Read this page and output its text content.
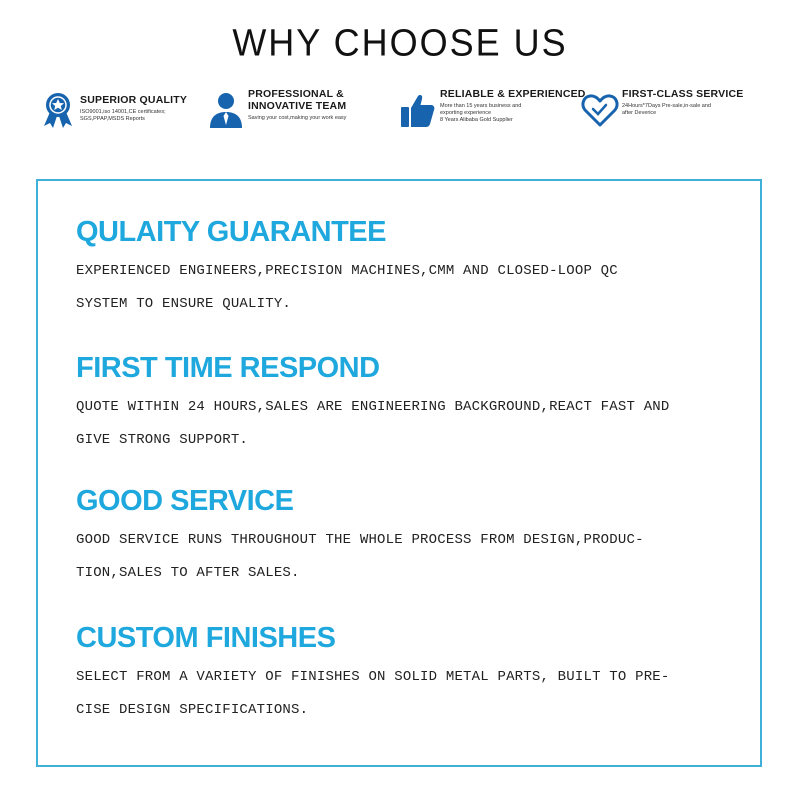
WHY CHOOSE US
SUPERIOR QUALITY
ISO9001,iso 14001,CE certificates;
SGS,PPAP,MSDS Reports
PROFESSIONAL & INNOVATIVE TEAM
Saving your cost,making your work easy
RELIABLE & EXPERIENCED
More than 15 years business and
exporting experience
8 Years Alibaba Gold Supplier
FIRST-CLASS SERVICE
24Hours*7Days Pre-sale,in-sale and
after Deverice
QULAITY GUARANTEE

EXPERIENCED ENGINEERS,PRECISION MACHINES,CMM AND CLOSED-LOOP QC
SYSTEM TO ENSURE QUALITY.

FIRST TIME RESPOND

QUOTE WITHIN 24 HOURS,SALES ARE ENGINEERING BACKGROUND,REACT FAST AND
GIVE STRONG SUPPORT.

GOOD SERVICE

GOOD SERVICE RUNS THROUGHOUT THE WHOLE PROCESS FROM DESIGN,PRODUC-
TION,SALES TO AFTER SALES.

CUSTOM FINISHES

SELECT FROM A VARIETY OF FINISHES ON SOLID METAL PARTS, BUILT TO PRE-
CISE DESIGN SPECIFICATIONS.
